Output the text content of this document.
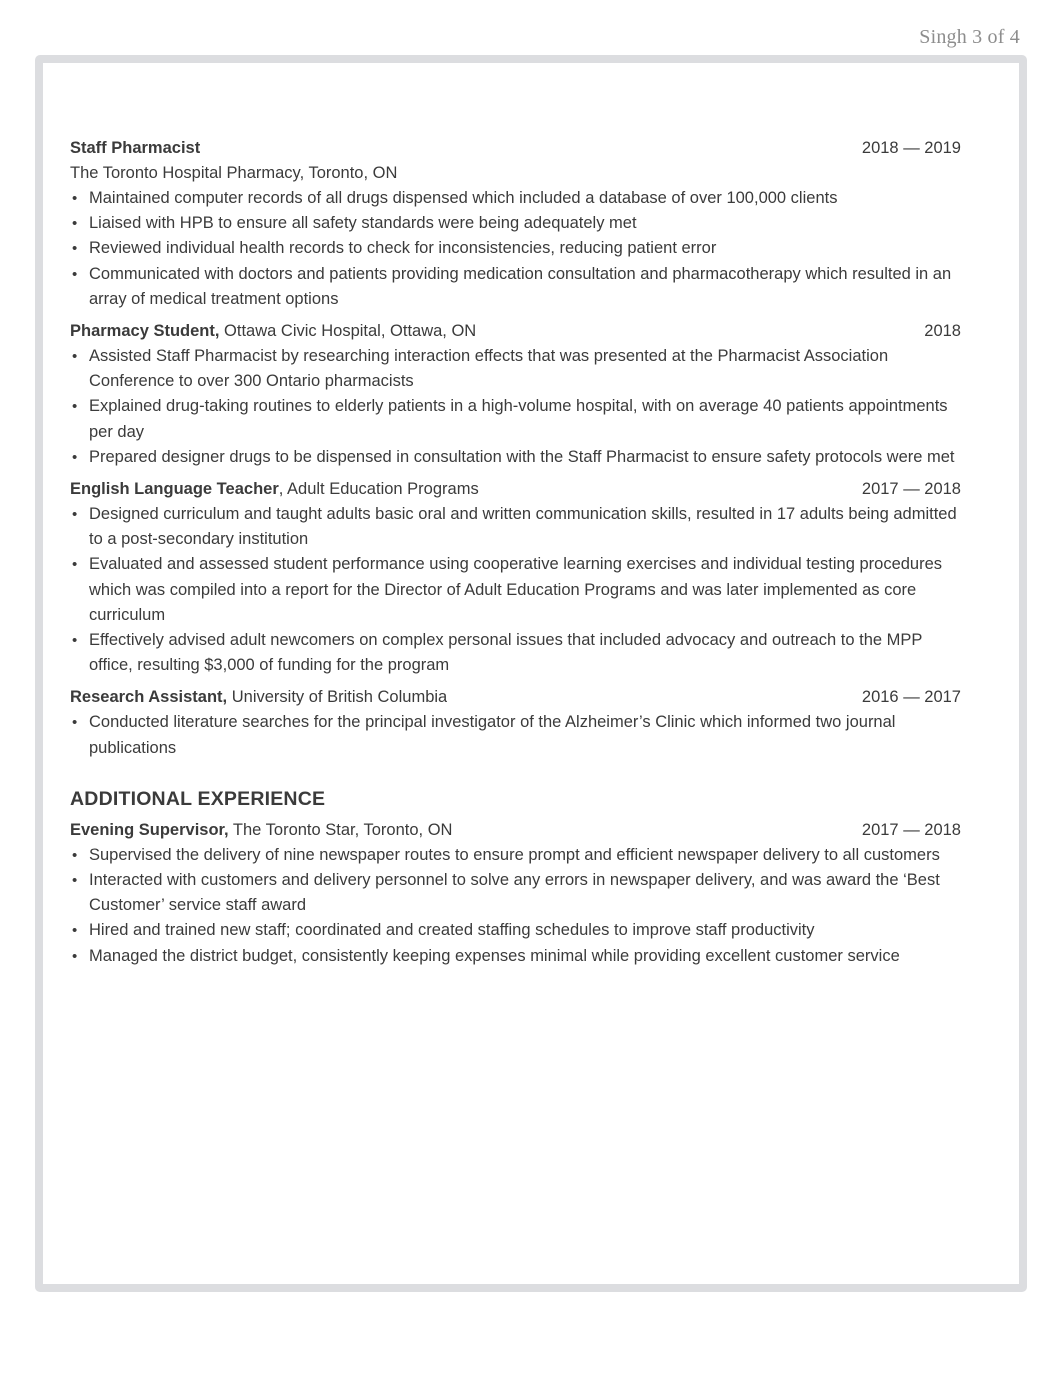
Singh 3 of 4
Staff Pharmacist	2018 — 2019
The Toronto Hospital Pharmacy, Toronto, ON
• Maintained computer records of all drugs dispensed which included a database of over 100,000 clients
• Liaised with HPB to ensure all safety standards were being adequately met
• Reviewed individual health records to check for inconsistencies, reducing patient error
• Communicated with doctors and patients providing medication consultation and pharmacotherapy which resulted in an array of medical treatment options
Pharmacy Student, Ottawa Civic Hospital, Ottawa, ON	2018
• Assisted Staff Pharmacist by researching interaction effects that was presented at the Pharmacist Association Conference to over 300 Ontario pharmacists
• Explained drug-taking routines to elderly patients in a high-volume hospital, with on average 40 patients appointments per day
• Prepared designer drugs to be dispensed in consultation with the Staff Pharmacist to ensure safety protocols were met
English Language Teacher, Adult Education Programs	2017 — 2018
• Designed curriculum and taught adults basic oral and written communication skills, resulted in 17 adults being admitted to a post-secondary institution
• Evaluated and assessed student performance using cooperative learning exercises and individual testing procedures which was compiled into a report for the Director of Adult Education Programs and was later implemented as core curriculum
• Effectively advised adult newcomers on complex personal issues that included advocacy and outreach to the MPP office, resulting $3,000 of funding for the program
Research Assistant, University of British Columbia	2016 — 2017
• Conducted literature searches for the principal investigator of the Alzheimer’s Clinic which informed two journal publications
ADDITIONAL EXPERIENCE
Evening Supervisor, The Toronto Star, Toronto, ON	2017 — 2018
• Supervised the delivery of nine newspaper routes to ensure prompt and efficient newspaper delivery to all customers
• Interacted with customers and delivery personnel to solve any errors in newspaper delivery, and was award the ‘Best Customer’ service staff award
• Hired and trained new staff; coordinated and created staffing schedules to improve staff productivity
• Managed the district budget, consistently keeping expenses minimal while providing excellent customer service
